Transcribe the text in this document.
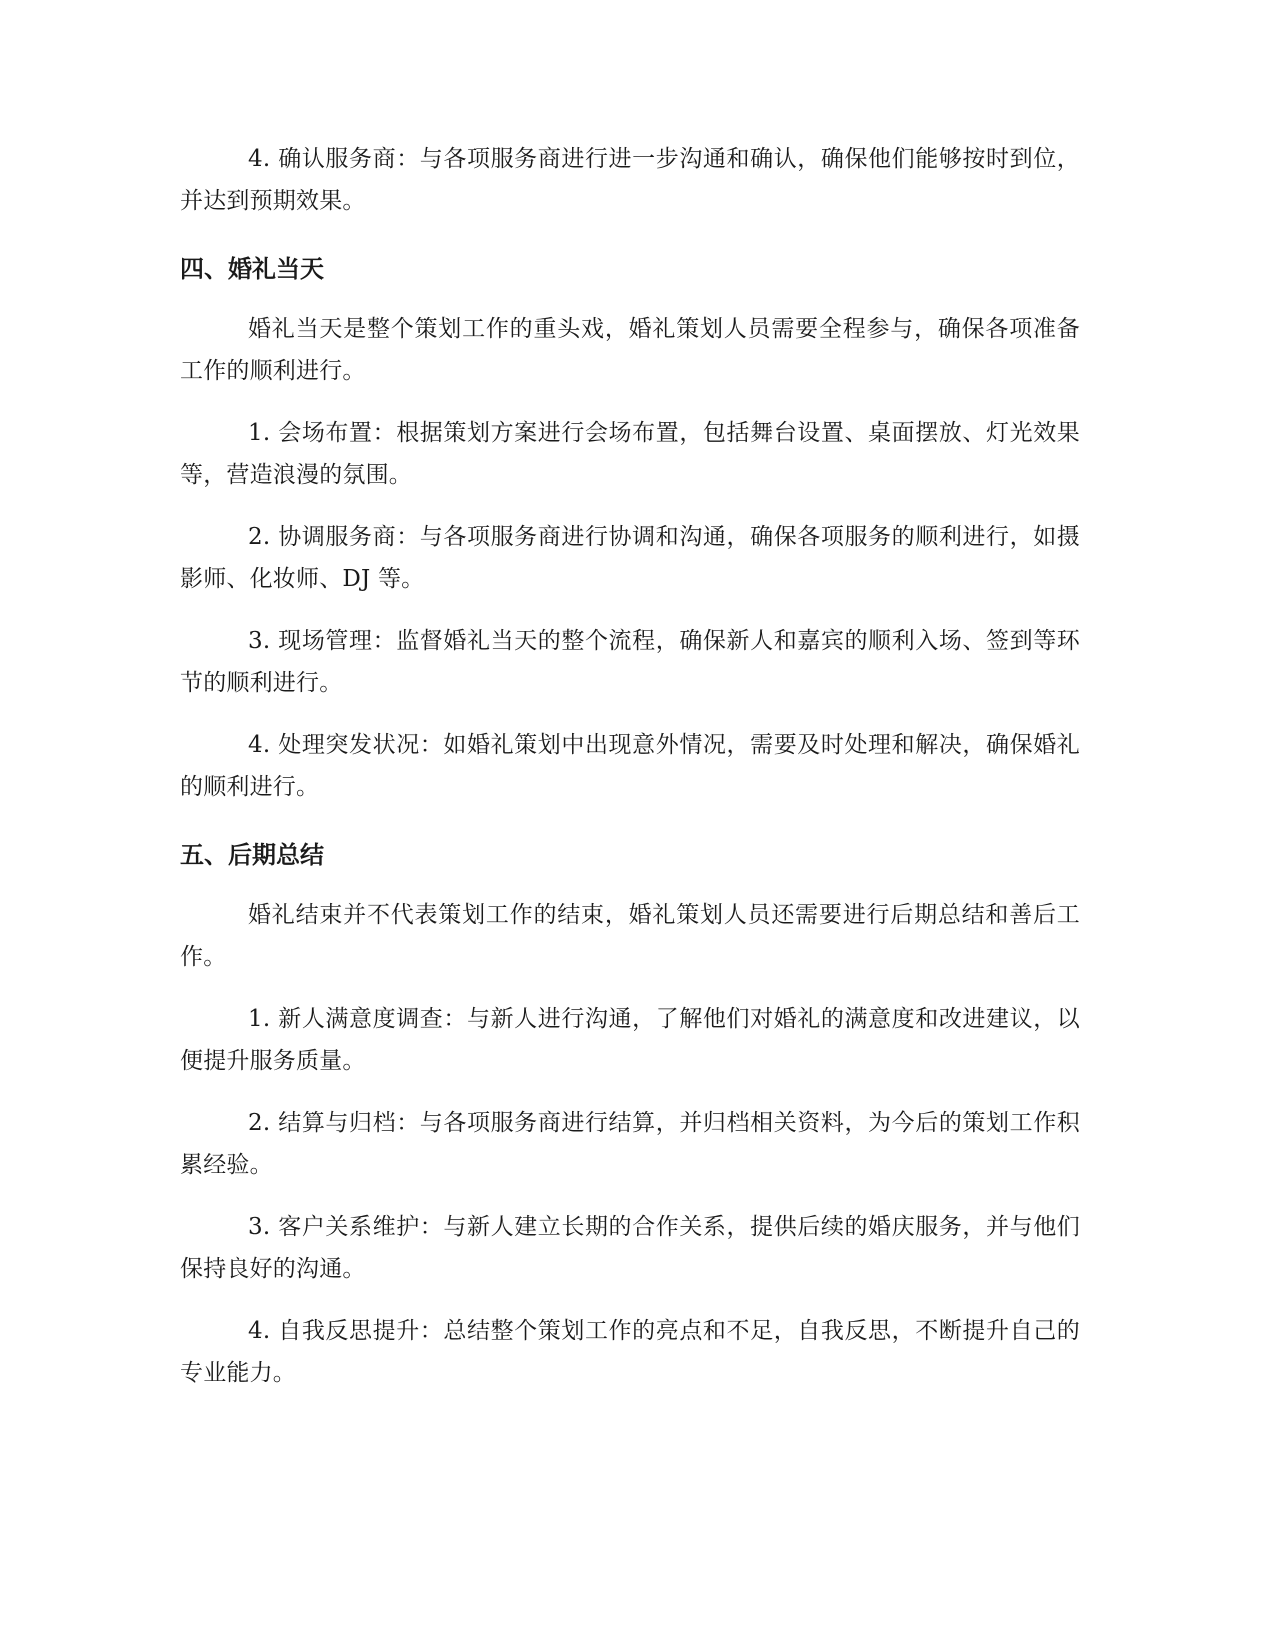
4. 确认服务商：与各项服务商进行进一步沟通和确认，确保他们能够按时到位，并达到预期效果。

四、婚礼当天

婚礼当天是整个策划工作的重头戏，婚礼策划人员需要全程参与，确保各项准备工作的顺利进行。

1. 会场布置：根据策划方案进行会场布置，包括舞台设置、桌面摆放、灯光效果等，营造浪漫的氛围。

2. 协调服务商：与各项服务商进行协调和沟通，确保各项服务的顺利进行，如摄影师、化妆师、DJ 等。

3. 现场管理：监督婚礼当天的整个流程，确保新人和嘉宾的顺利入场、签到等环节的顺利进行。

4. 处理突发状况：如婚礼策划中出现意外情况，需要及时处理和解决，确保婚礼的顺利进行。

五、后期总结

婚礼结束并不代表策划工作的结束，婚礼策划人员还需要进行后期总结和善后工作。

1. 新人满意度调查：与新人进行沟通，了解他们对婚礼的满意度和改进建议，以便提升服务质量。

2. 结算与归档：与各项服务商进行结算，并归档相关资料，为今后的策划工作积累经验。

3. 客户关系维护：与新人建立长期的合作关系，提供后续的婚庆服务，并与他们保持良好的沟通。

4. 自我反思提升：总结整个策划工作的亮点和不足，自我反思，不断提升自己的专业能力。
